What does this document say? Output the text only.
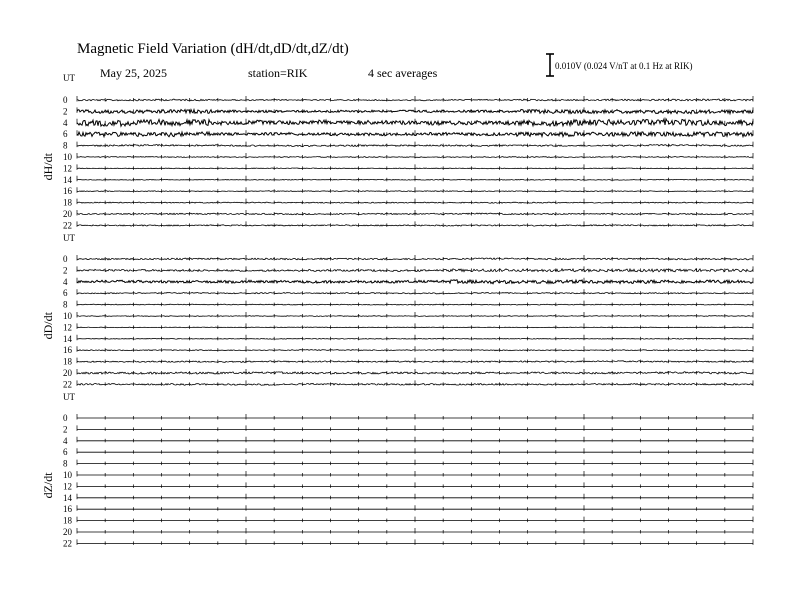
Magnetic Field Variation (dH/dt,dD/dt,dZ/dt)
May 25, 2025	station=RIK	4 sec averages	0.010V (0.024 V/nT at 0.1 Hz at RIK)
UT
dH/dt
0
2
4
6
8
10
12
14
16
18
20
22
UT
dD/dt
0
2
4
6
8
10
12
14
16
18
20
22
UT
dZ/dt
0
2
4
6
8
10
12
14
16
18
20
22
